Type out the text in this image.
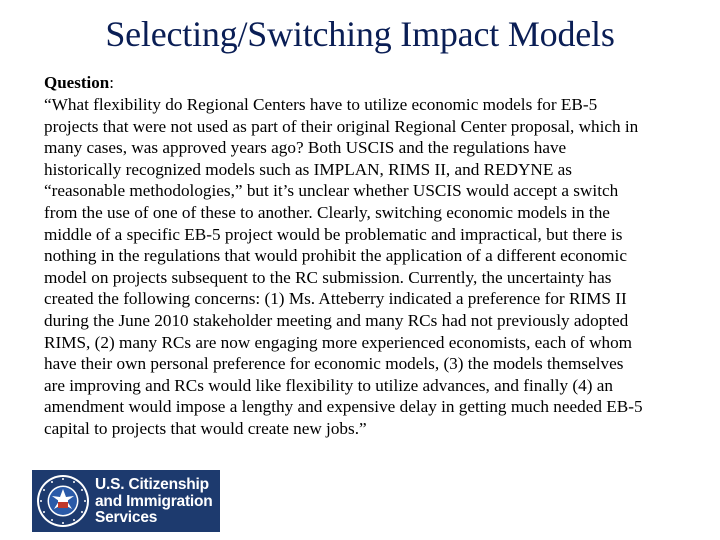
Selecting/Switching Impact Models
Question:
“What flexibility do Regional Centers have to utilize economic models for EB-5
projects that were not used as part of their original Regional Center proposal, which in
many cases, was approved years ago? Both USCIS and the regulations have
historically recognized models such as IMPLAN, RIMS II, and REDYNE as
“reasonable methodologies,” but it’s unclear whether USCIS would accept a switch
from the use of one of these to another. Clearly, switching economic models in the
middle of a specific EB-5 project would be problematic and impractical, but there is
nothing in the regulations that would prohibit the application of a different economic
model on projects subsequent to the RC submission. Currently, the uncertainty has
created the following concerns: (1) Ms. Atteberry indicated a preference for RIMS II
during the June 2010 stakeholder meeting and many RCs had not previously adopted
RIMS, (2) many RCs are now engaging more experienced economists, each of whom
have their own personal preference for economic models, (3) the models themselves
are improving and RCs would like flexibility to utilize advances, and finally (4) an
amendment would impose a lengthy and expensive delay in getting much needed EB-5
capital to projects that would create new jobs.”
U.S. Citizenship
and Immigration
Services
